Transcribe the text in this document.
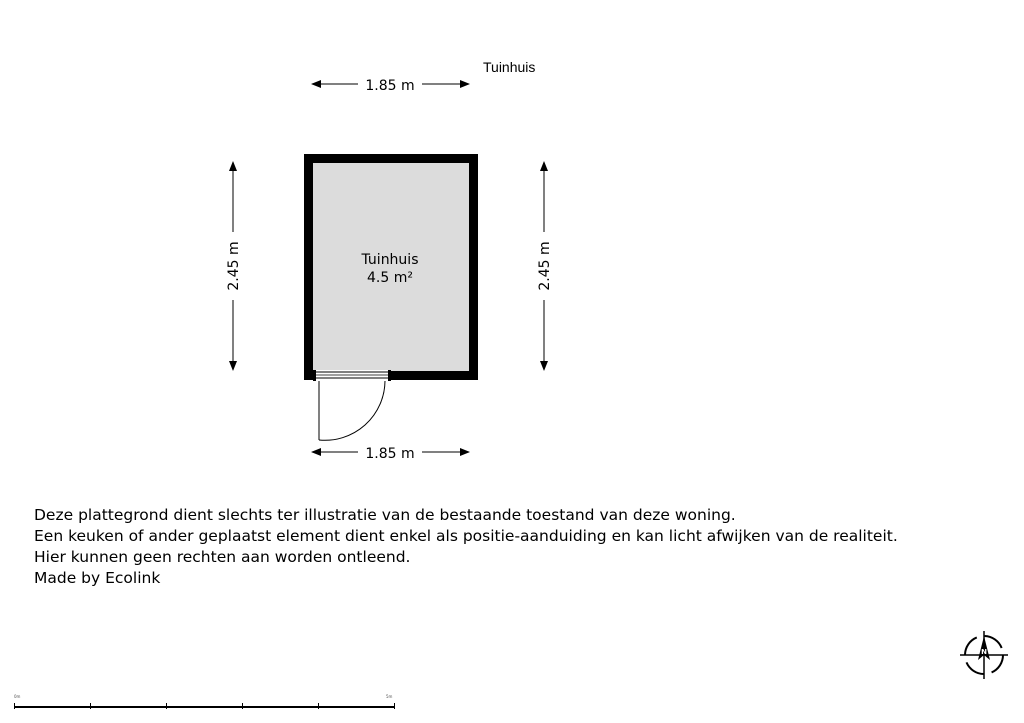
Tuinhuis
1.85 m
2.45 m	2.45 m
Tuinhuis
4.5 m²
1.85 m
N
Deze plattegrond dient slechts ter illustratie van de bestaande toestand van deze woning.
Een keuken of ander geplaatst element dient enkel als positie-aanduiding en kan licht afwijken van de realiteit.
Hier kunnen geen rechten aan worden ontleend.
Made by Ecolink
0m	5m
